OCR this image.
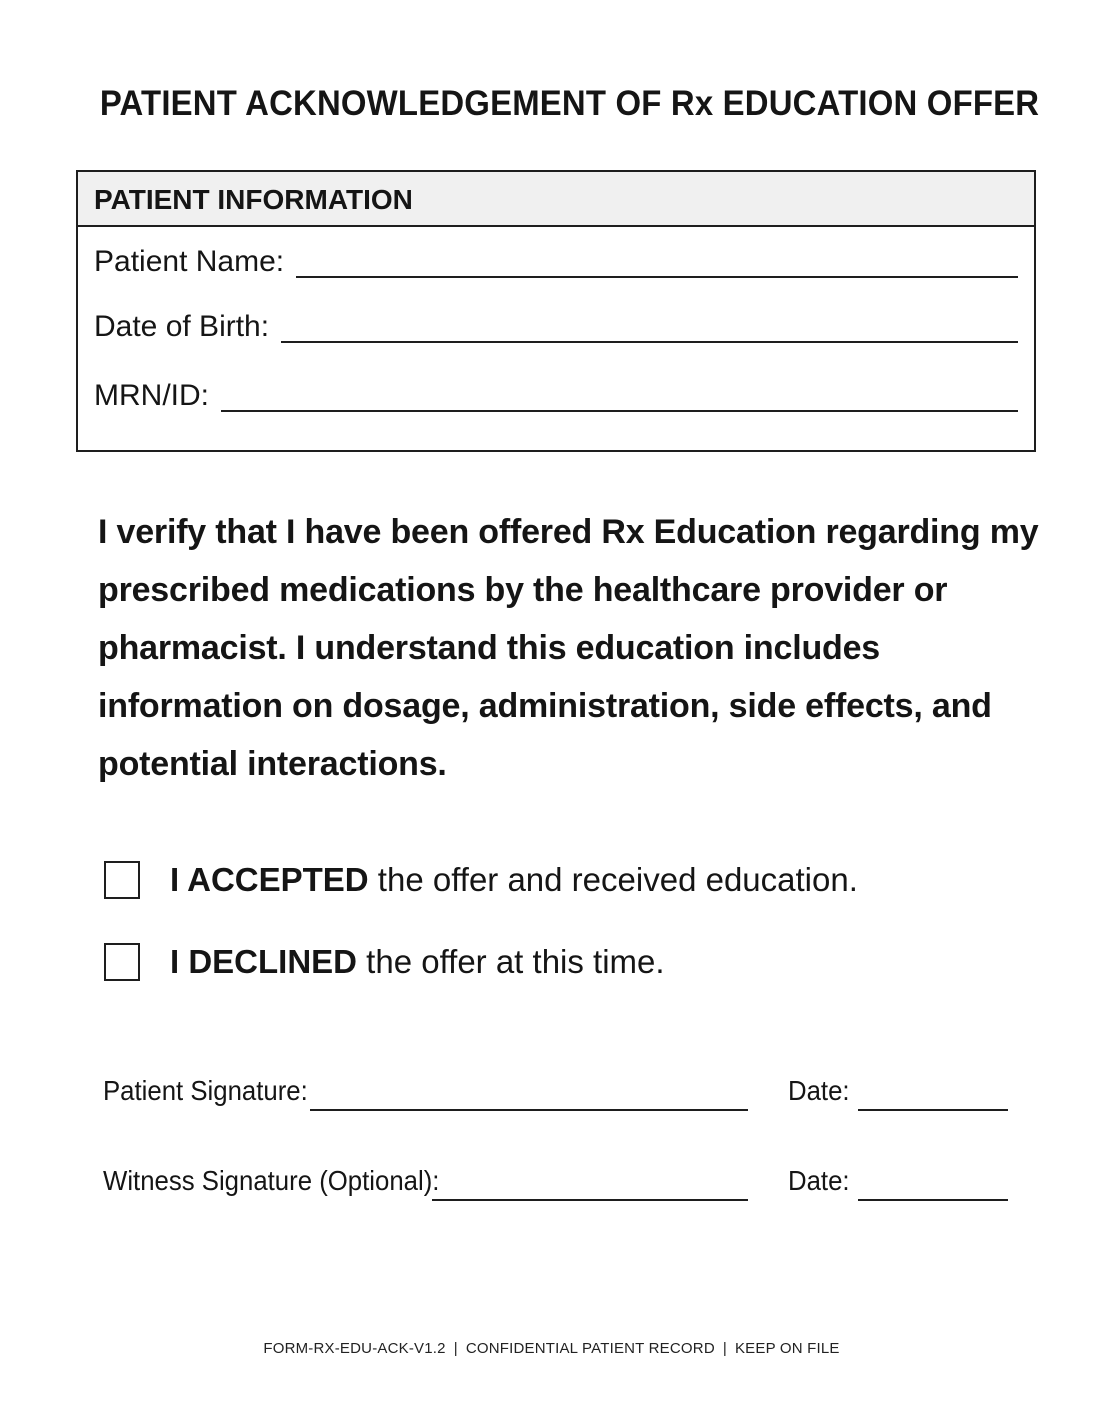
PATIENT ACKNOWLEDGEMENT OF Rx EDUCATION OFFER
PATIENT INFORMATION
Patient Name:
Date of Birth:
MRN/ID:
I verify that I have been offered Rx Education regarding my
prescribed medications by the healthcare provider or
pharmacist. I understand this education includes
information on dosage, administration, side effects, and
potential interactions.
I ACCEPTED the offer and received education.
I DECLINED the offer at this time.
Patient Signature:	Date:
Witness Signature (Optional):	Date:
FORM-RX-EDU-ACK-V1.2 | CONFIDENTIAL PATIENT RECORD | KEEP ON FILE
